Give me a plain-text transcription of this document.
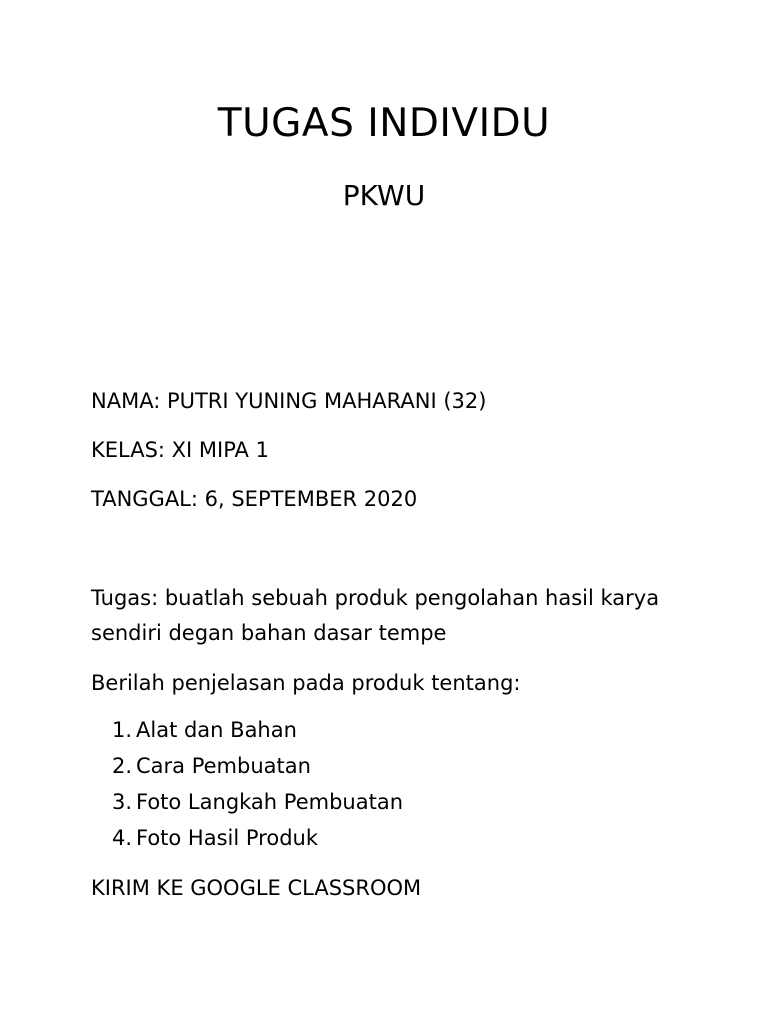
TUGAS INDIVIDU
PKWU

NAMA: PUTRI YUNING MAHARANI (32)

KELAS: XI MIPA 1

TANGGAL: 6, SEPTEMBER 2020

Tugas: buatlah sebuah produk pengolahan hasil karya sendiri degan bahan dasar tempe

Berilah penjelasan pada produk tentang:

1. Alat dan Bahan
2. Cara Pembuatan
3. Foto Langkah Pembuatan
4. Foto Hasil Produk

KIRIM KE GOOGLE CLASSROOM
